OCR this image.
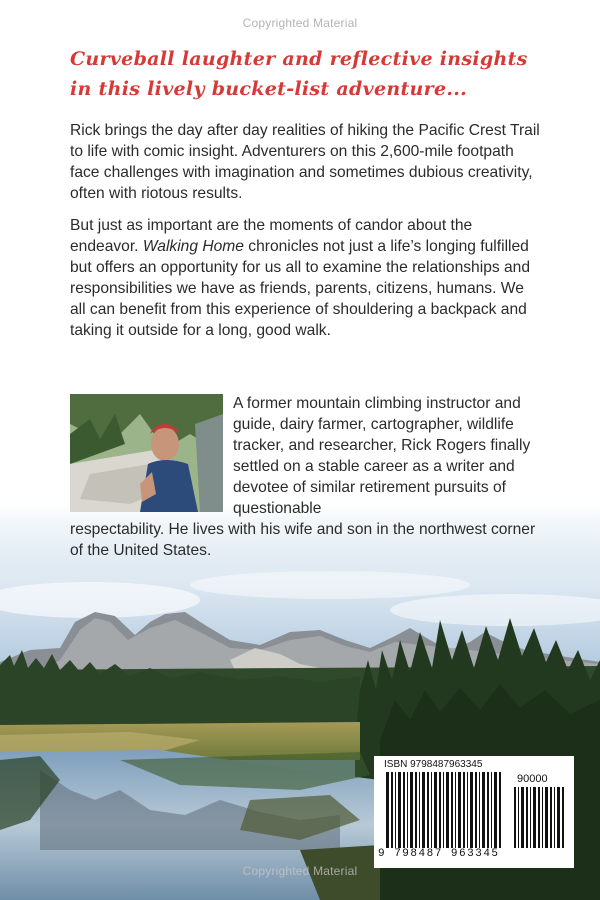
Copyrighted Material
Curveball laughter and reflective insights in this lively bucket-list adventure...

Rick brings the day after day realities of hiking the Pacific Crest Trail to life with comic insight. Adventurers on this 2,600-mile footpath face challenges with imagination and sometimes dubious creativity, often with riotous results.

But just as important are the moments of candor about the endeavor. Walking Home chronicles not just a life’s longing fulfilled but offers an opportunity for us all to examine the relationships and responsibilities we have as friends, parents, citizens, humans. We all can benefit from this experience of shouldering a backpack and taking it outside for a long, good walk.

A former mountain climbing instructor and guide, dairy farmer, cartographer, wildlife tracker, and researcher, Rick Rogers finally settled on a stable career as a writer and devotee of similar retirement pursuits of questionable
respectability. He lives with his wife and son in the northwest corner of the United States.
ISBN 9798487963345
9 798487 963345
90000
Copyrighted Material
